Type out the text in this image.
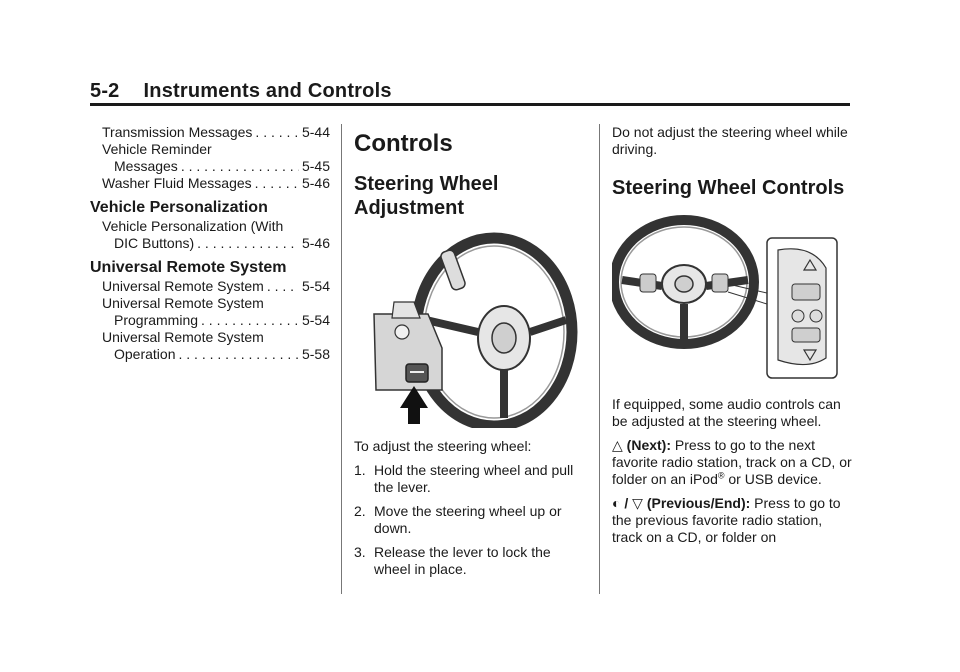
5-2 Instruments and Controls
Transmission Messages . . .	5-44
Vehicle Reminder
Messages . . .	5-45
Washer Fluid Messages . . .	5-46
Vehicle Personalization
Vehicle Personalization (With
DIC Buttons) . . .	5-46
Universal Remote System
Universal Remote System . . .	5-54
Universal Remote System
Programming . . .	5-54
Universal Remote System
Operation . . .	5-58
Controls
Steering Wheel
Adjustment

To adjust the steering wheel:

1. Hold the steering wheel and pull the lever.
2. Move the steering wheel up or down.
3. Release the lever to lock the wheel in place.

Do not adjust the steering wheel while driving.

Steering Wheel Controls

If equipped, some audio controls can be adjusted at the steering wheel.

△ (Next): Press to go to the next favorite radio station, track on a CD, or folder on an iPod® or USB device.

◐ / ▽ (Previous/End): Press to go to the previous favorite radio station, track on a CD, or folder on
